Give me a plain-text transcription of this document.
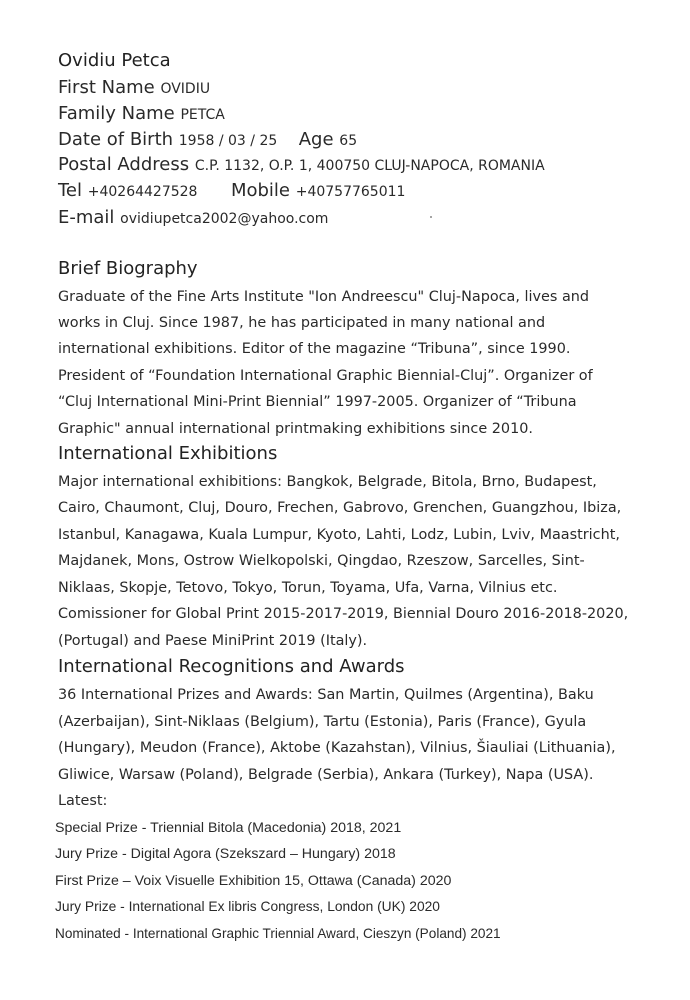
Ovidiu Petca
First Name OVIDIU
Family Name PETCA
Date of Birth 1958 / 03 / 25 Age 65
Postal Address C.P. 1132, O.P. 1, 400750 CLUJ-NAPOCA, ROMANIA
Tel +40264427528 Mobile +40757765011
E-mail ovidiupetca2002@yahoo.com
Brief Biography
Graduate of the Fine Arts Institute "Ion Andreescu" Cluj-Napoca, lives and
works in Cluj. Since 1987, he has participated in many national and
international exhibitions. Editor of the magazine “Tribuna”, since 1990.
President of “Foundation International Graphic Biennial-Cluj”. Organizer of
“Cluj International Mini-Print Biennial” 1997-2005. Organizer of “Tribuna
Graphic" annual international printmaking exhibitions since 2010.
International Exhibitions
Major international exhibitions: Bangkok, Belgrade, Bitola, Brno, Budapest,
Cairo, Chaumont, Cluj, Douro, Frechen, Gabrovo, Grenchen, Guangzhou, Ibiza,
Istanbul, Kanagawa, Kuala Lumpur, Kyoto, Lahti, Lodz, Lubin, Lviv, Maastricht,
Majdanek, Mons, Ostrow Wielkopolski, Qingdao, Rzeszow, Sarcelles, Sint-
Niklaas, Skopje, Tetovo, Tokyo, Torun, Toyama, Ufa, Varna, Vilnius etc.
Comissioner for Global Print 2015-2017-2019, Biennial Douro 2016-2018-2020,
(Portugal) and Paese MiniPrint 2019 (Italy).
International Recognitions and Awards
36 International Prizes and Awards: San Martin, Quilmes (Argentina), Baku
(Azerbaijan), Sint-Niklaas (Belgium), Tartu (Estonia), Paris (France), Gyula
(Hungary), Meudon (France), Aktobe (Kazahstan), Vilnius, Šiauliai (Lithuania),
Gliwice, Warsaw (Poland), Belgrade (Serbia), Ankara (Turkey), Napa (USA).
Latest:
Special Prize - Triennial Bitola (Macedonia) 2018, 2021
Jury Prize - Digital Agora (Szekszard – Hungary) 2018
First Prize – Voix Visuelle Exhibition 15, Ottawa (Canada) 2020
Jury Prize - International Ex libris Congress, London (UK) 2020
Nominated - International Graphic Triennial Award, Cieszyn (Poland) 2021
